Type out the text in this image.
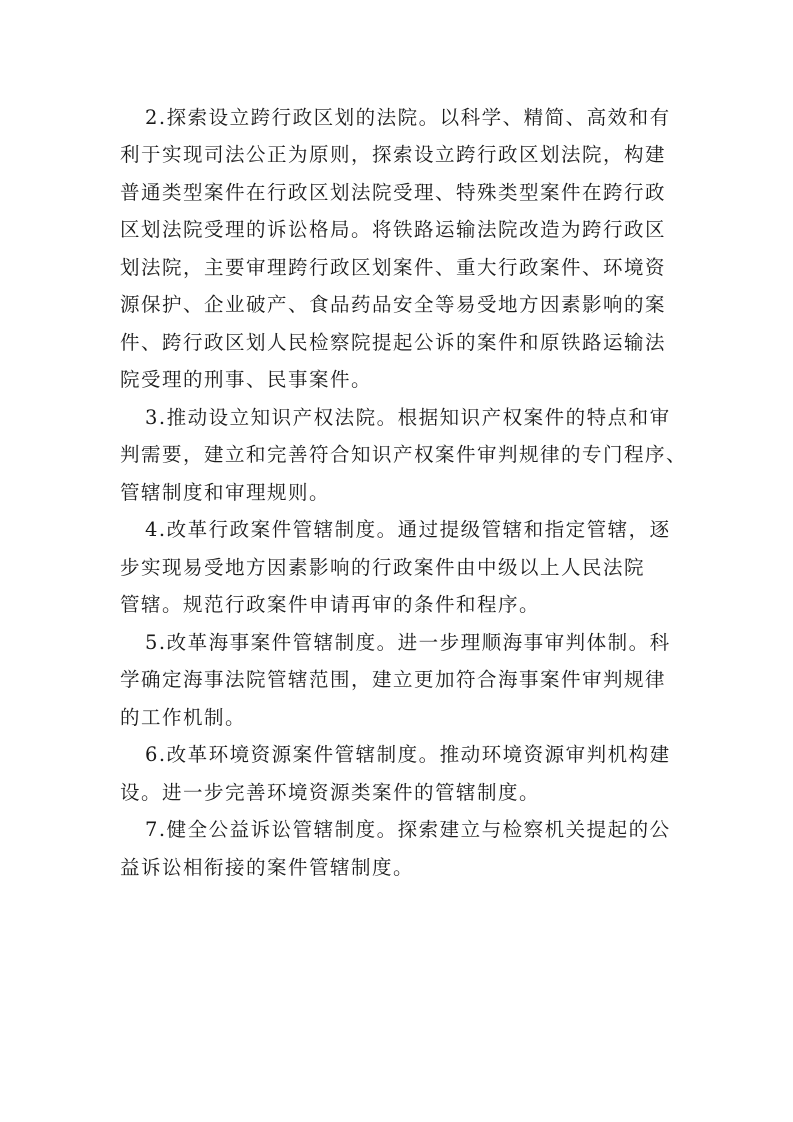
2.探索设立跨行政区划的法院。以科学、精简、高效和有
利于实现司法公正为原则，探索设立跨行政区划法院，构建
普通类型案件在行政区划法院受理、特殊类型案件在跨行政
区划法院受理的诉讼格局。将铁路运输法院改造为跨行政区
划法院，主要审理跨行政区划案件、重大行政案件、环境资
源保护、企业破产、食品药品安全等易受地方因素影响的案
件、跨行政区划人民检察院提起公诉的案件和原铁路运输法
院受理的刑事、民事案件。
3.推动设立知识产权法院。根据知识产权案件的特点和审
判需要，建立和完善符合知识产权案件审判规律的专门程序、
管辖制度和审理规则。
4.改革行政案件管辖制度。通过提级管辖和指定管辖，逐
步实现易受地方因素影响的行政案件由中级以上人民法院
管辖。规范行政案件申请再审的条件和程序。
5.改革海事案件管辖制度。进一步理顺海事审判体制。科
学确定海事法院管辖范围，建立更加符合海事案件审判规律
的工作机制。
6.改革环境资源案件管辖制度。推动环境资源审判机构建
设。进一步完善环境资源类案件的管辖制度。
7.健全公益诉讼管辖制度。探索建立与检察机关提起的公
益诉讼相衔接的案件管辖制度。
